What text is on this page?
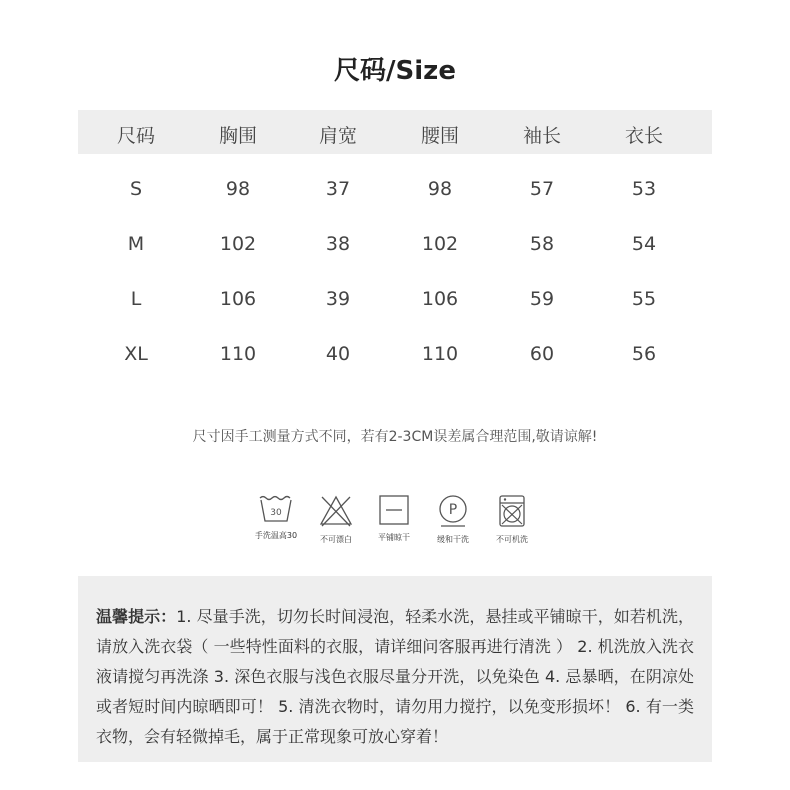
尺码/Size
尺码	胸围	肩宽	腰围	袖长	衣长
S	98	37	98	57	53
M	102	38	102	58	54
L	106	39	106	59	55
XL	110	40	110	60	56
尺寸因手工测量方式不同，若有2-3CM误差属合理范围,敬请谅解!
30
手洗温高30	不可漂白	平铺晾干
P
缓和干洗	不可机洗
温馨提示：1. 尽量手洗，切勿长时间浸泡，轻柔水洗，悬挂或平铺晾干，如若机洗，请放入洗衣袋（ 一些特性面料的衣服，请详细问客服再进行清洗 ） 2. 机洗放入洗衣液请搅匀再洗涤 3. 深色衣服与浅色衣服尽量分开洗，以免染色 4. 忌暴晒，在阴凉处或者短时间内晾晒即可！ 5. 清洗衣物时，请勿用力搅拧，以免变形损坏！ 6. 有一类衣物，会有轻微掉毛，属于正常现象可放心穿着！
